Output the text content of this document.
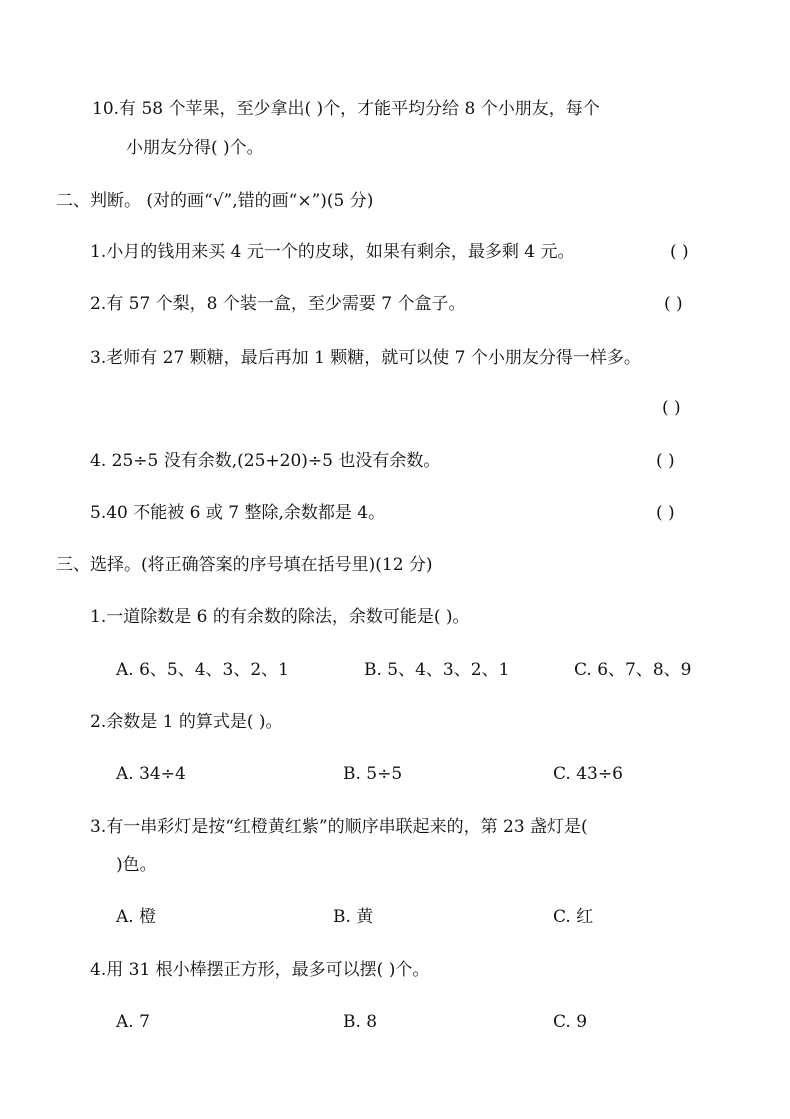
10.有 58 个苹果，至少拿出( )个，才能平均分给 8 个小朋友，每个
小朋友分得( )个。
二、判断。 (对的画“√”,错的画“×”)(5 分)
1.小月的钱用来买 4 元一个的皮球，如果有剩余，最多剩 4 元。	( )
2.有 57 个梨，8 个装一盒，至少需要 7 个盒子。	( )
3.老师有 27 颗糖，最后再加 1 颗糖，就可以使 7 个小朋友分得一样多。
( )
4. 25÷5 没有余数,(25+20)÷5 也没有余数。	( )
5.40 不能被 6 或 7 整除,余数都是 4。	( )
三、选择。(将正确答案的序号填在括号里)(12 分)
1.一道除数是 6 的有余数的除法，余数可能是( )。
A. 6、5、4、3、2、1	B. 5、4、3、2、1	C. 6、7、8、9
2.余数是 1 的算式是( )。
A. 34÷4	B. 5÷5	C. 43÷6
3.有一串彩灯是按“红橙黄红紫”的顺序串联起来的，第 23 盏灯是(
)色。
A. 橙	B. 黄	C. 红
4.用 31 根小棒摆正方形，最多可以摆( )个。
A. 7	B. 8	C. 9
